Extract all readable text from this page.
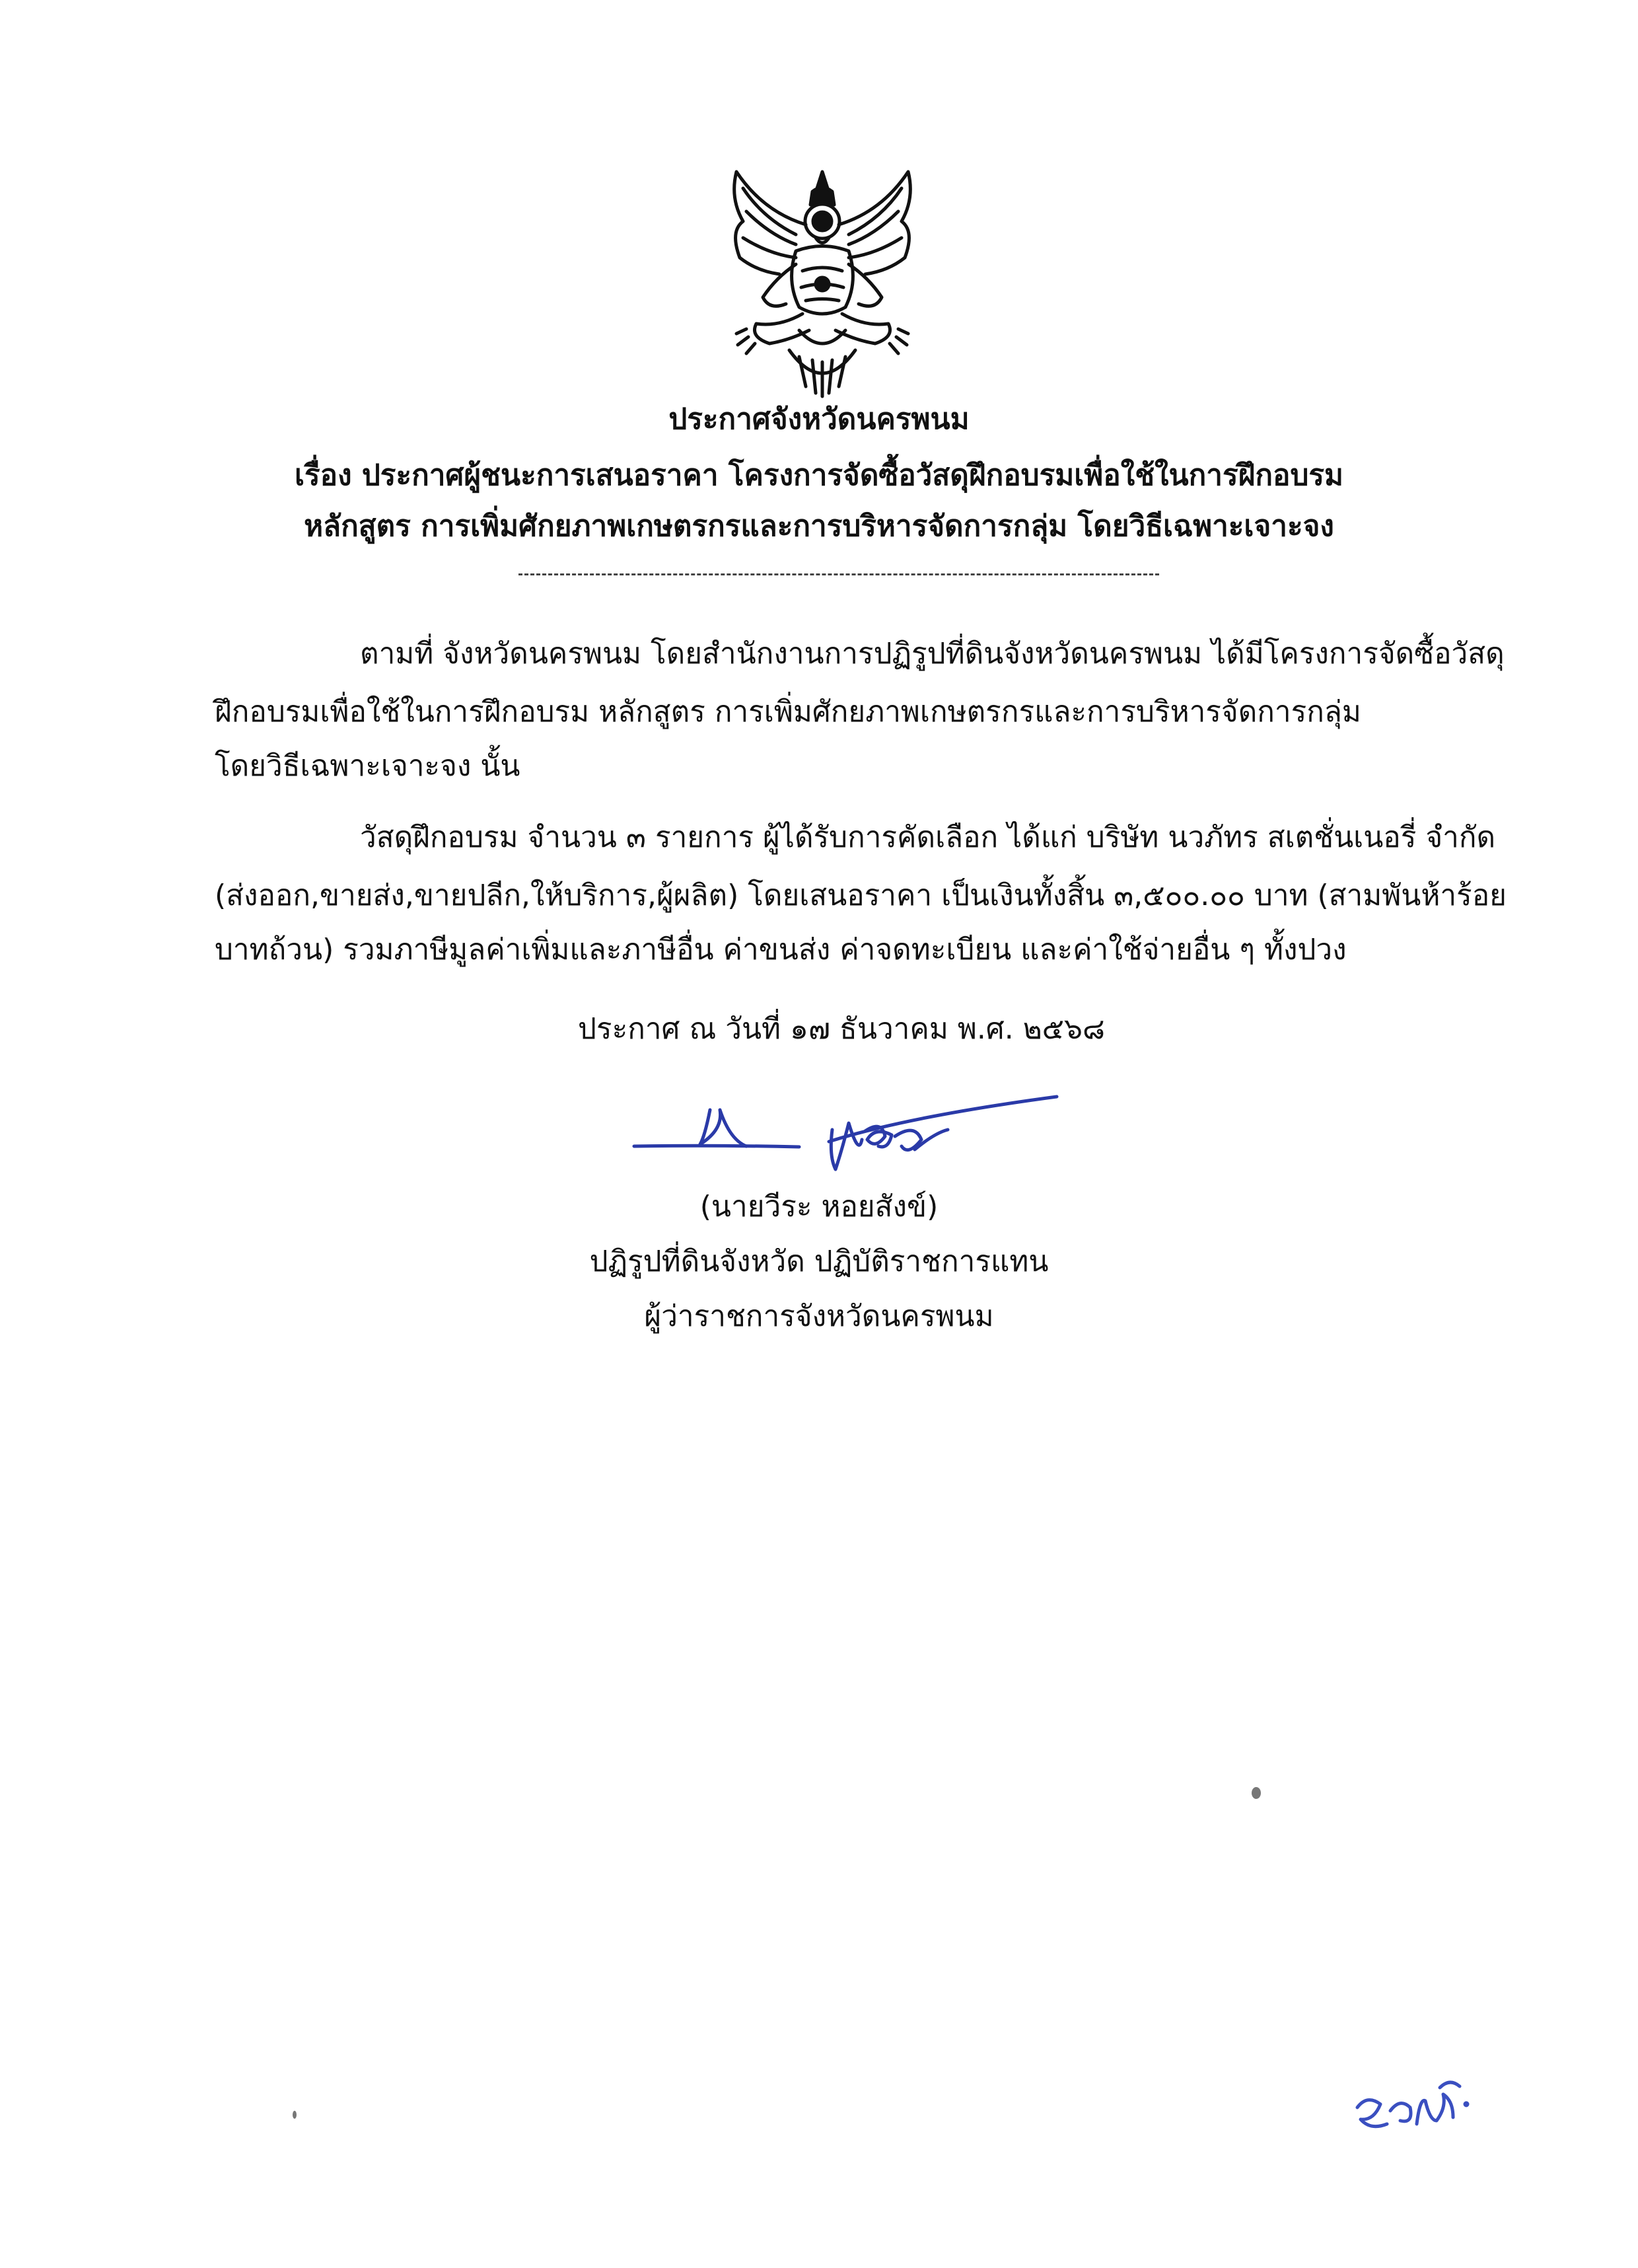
ประกาศจังหวัดนครพนม
เรื่อง ประกาศผู้ชนะการเสนอราคา โครงการจัดซื้อวัสดุฝึกอบรมเพื่อใช้ในการฝึกอบรม
หลักสูตร การเพิ่มศักยภาพเกษตรกรและการบริหารจัดการกลุ่ม โดยวิธีเฉพาะเจาะจง
ตามที่ จังหวัดนครพนม โดยสำนักงานการปฏิรูปที่ดินจังหวัดนครพนม ได้มีโครงการจัดซื้อวัสดุ
ฝึกอบรมเพื่อใช้ในการฝึกอบรม หลักสูตร การเพิ่มศักยภาพเกษตรกรและการบริหารจัดการกลุ่ม
โดยวิธีเฉพาะเจาะจง นั้น
วัสดุฝึกอบรม จำนวน ๓ รายการ ผู้ได้รับการคัดเลือก ได้แก่ บริษัท นวภัทร สเตชั่นเนอรี่ จำกัด
(ส่งออก,ขายส่ง,ขายปลีก,ให้บริการ,ผู้ผลิต) โดยเสนอราคา เป็นเงินทั้งสิ้น ๓,๕๐๐.๐๐ บาท (สามพันห้าร้อย
บาทถ้วน) รวมภาษีมูลค่าเพิ่มและภาษีอื่น ค่าขนส่ง ค่าจดทะเบียน และค่าใช้จ่ายอื่น ๆ ทั้งปวง
ประกาศ ณ วันที่ ๑๗ ธันวาคม พ.ศ. ๒๕๖๘
(นายวีระ หอยสังข์)
ปฏิรูปที่ดินจังหวัด ปฏิบัติราชการแทน
ผู้ว่าราชการจังหวัดนครพนม
